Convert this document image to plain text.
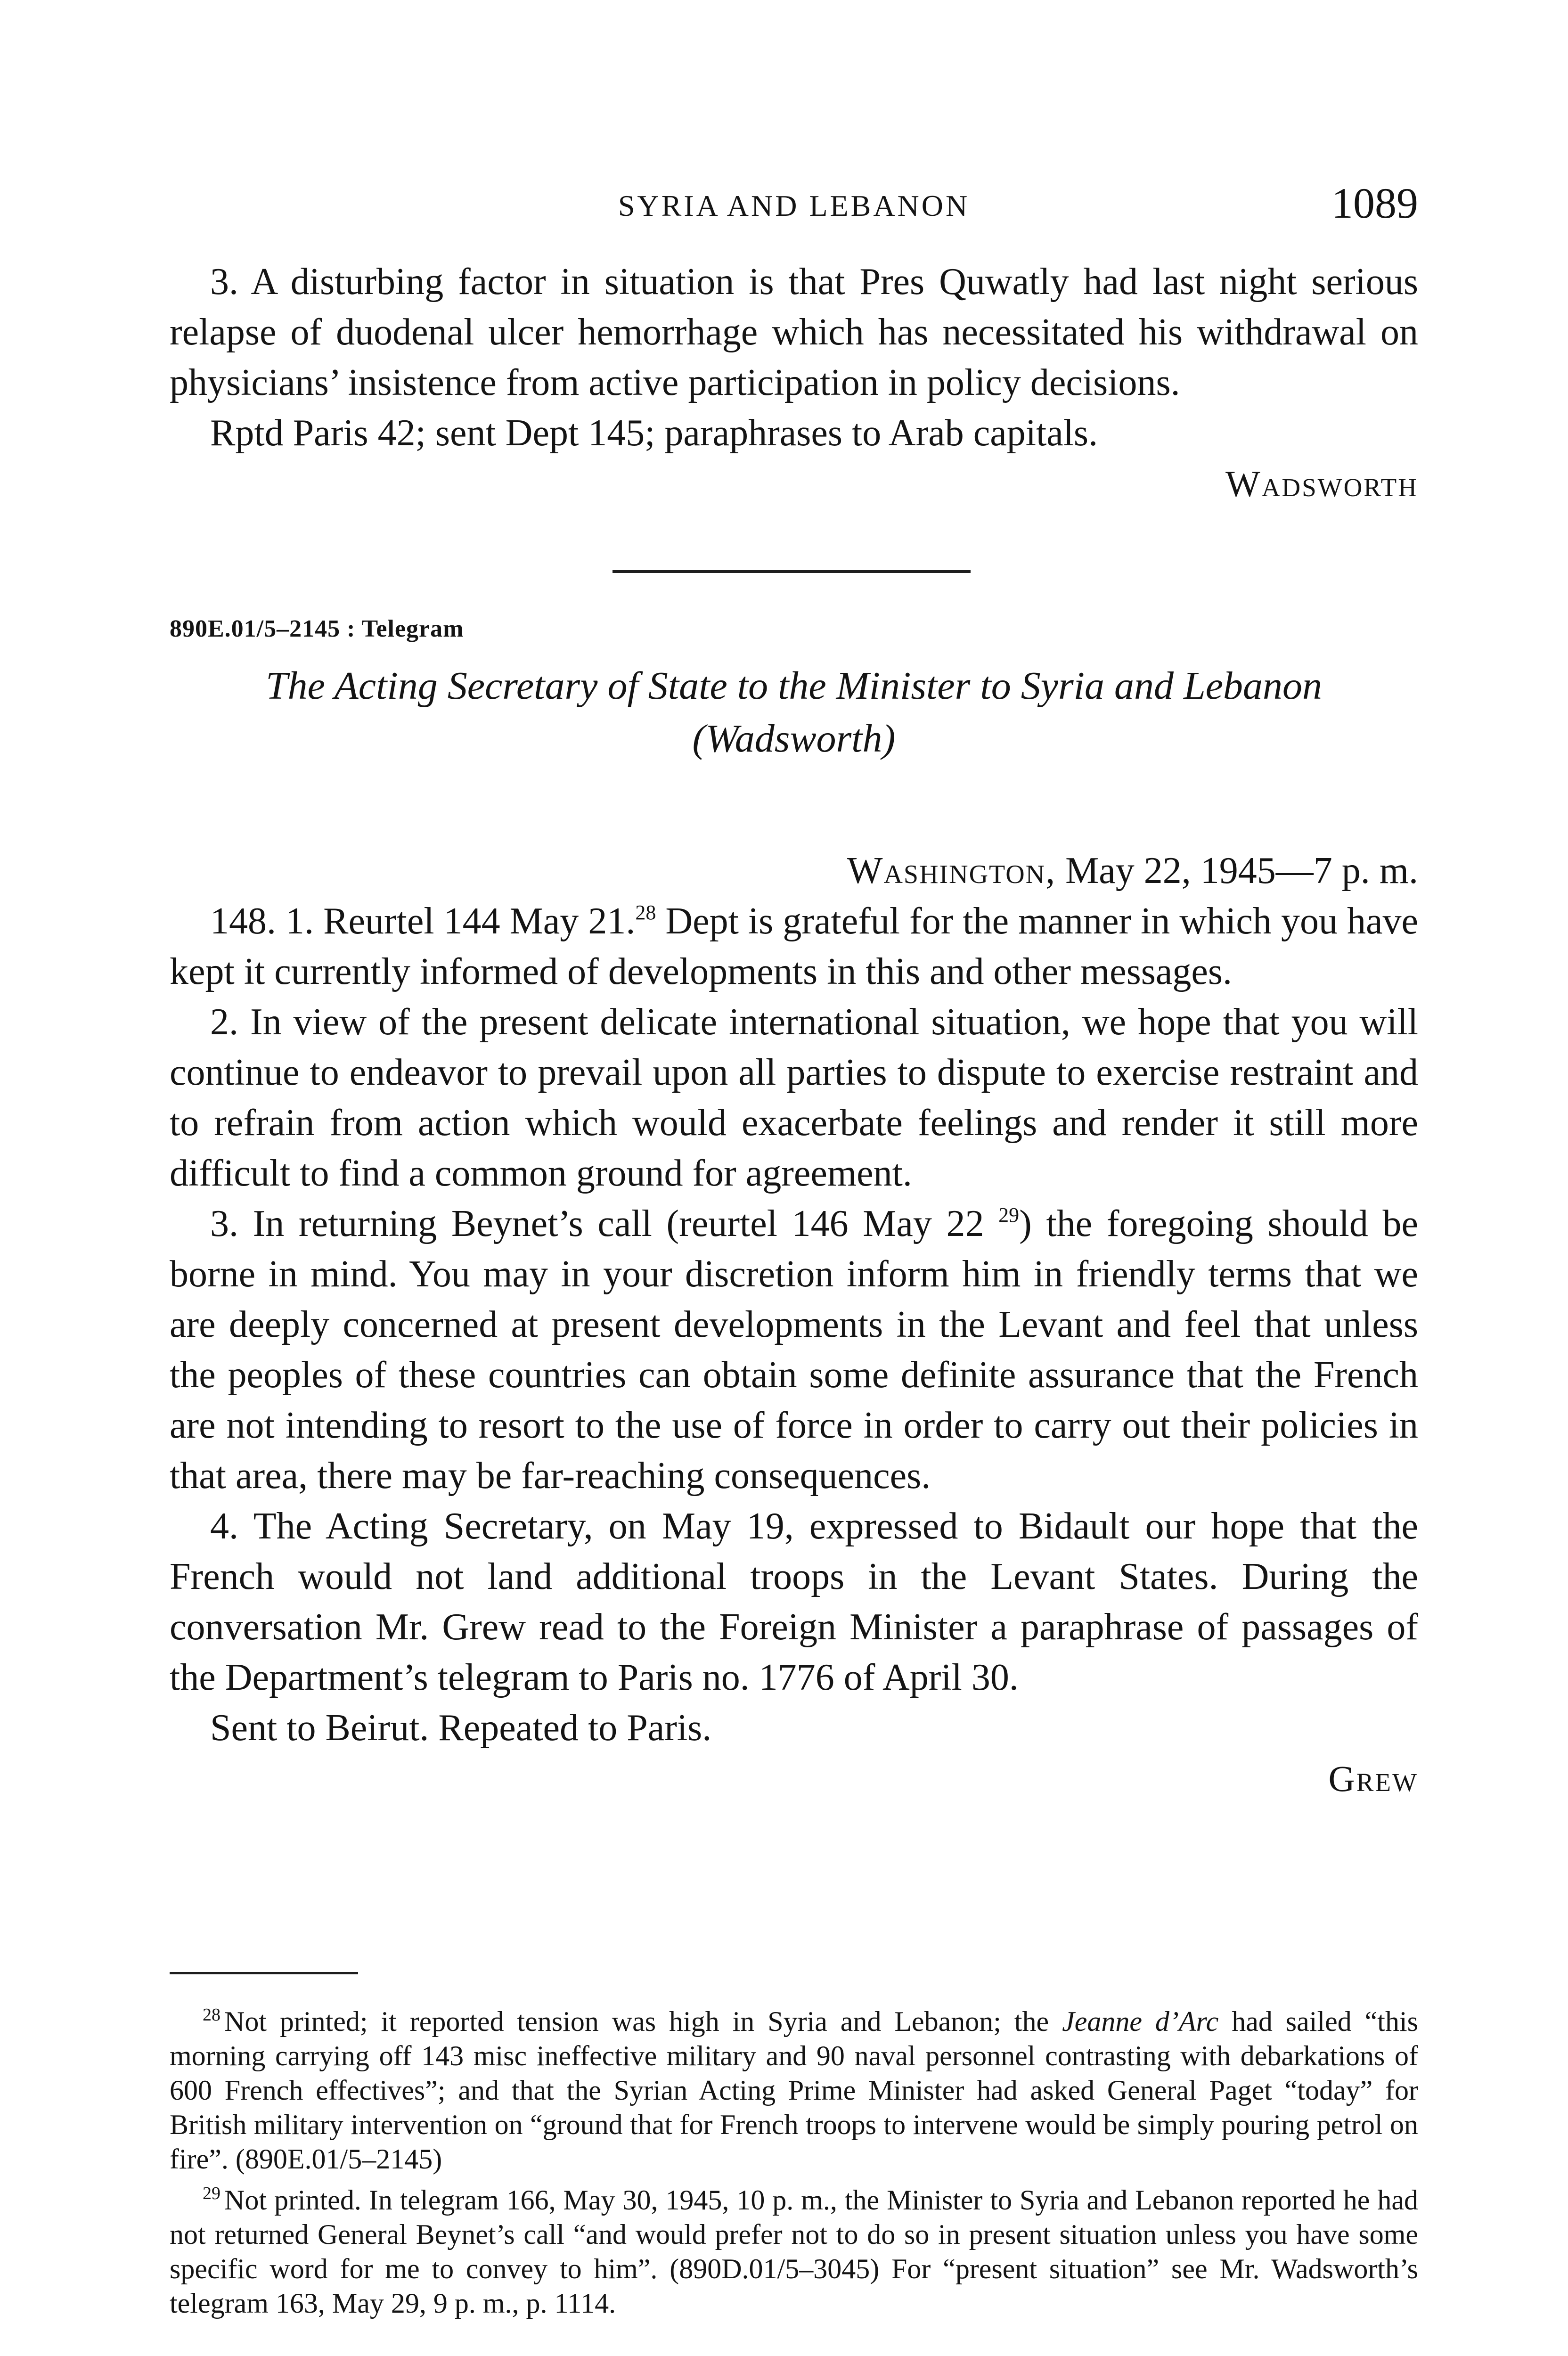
SYRIA AND LEBANON	1089

3. A disturbing factor in situation is that Pres Quwatly had last night serious relapse of duodenal ulcer hemorrhage which has necessitated his withdrawal on physicians’ insistence from active participation in policy decisions.

Rptd Paris 42; sent Dept 145; paraphrases to Arab capitals.

Wadsworth
890E.01/5–2145 : Telegram
The Acting Secretary of State to the Minister to Syria and Lebanon
(Wadsworth)
Washington, May 22, 1945—7 p. m.

148. 1. Reurtel 144 May 21.28 Dept is grateful for the manner in which you have kept it currently informed of developments in this and other messages.

2. In view of the present delicate international situation, we hope that you will continue to endeavor to prevail upon all parties to dispute to exercise restraint and to refrain from action which would exacerbate feelings and render it still more difficult to find a common ground for agreement.

3. In returning Beynet’s call (reurtel 146 May 22 $^{29}$) the foregoing should be borne in mind. You may in your discretion inform him in friendly terms that we are deeply concerned at present developments in the Levant and feel that unless the peoples of these countries can obtain some definite assurance that the French are not intending to resort to the use of force in order to carry out their policies in that area, there may be far-reaching consequences.

4. The Acting Secretary, on May 19, expressed to Bidault our hope that the French would not land additional troops in the Levant States. During the conversation Mr. Grew read to the Foreign Minister a paraphrase of passages of the Department’s telegram to Paris no. 1776 of April 30.

Sent to Beirut. Repeated to Paris.

Grew

$^{28}$ Not printed; it reported tension was high in Syria and Lebanon; the Jeanne d’Arc had sailed “this morning carrying off 143 misc ineffective military and 90 naval personnel contrasting with debarkations of 600 French effectives”; and that the Syrian Acting Prime Minister had asked General Paget “today” for British military intervention on “ground that for French troops to intervene would be simply pouring petrol on fire”. (890E.01/5–2145)

$^{29}$ Not printed. In telegram 166, May 30, 1945, 10 p. m., the Minister to Syria and Lebanon reported he had not returned General Beynet’s call “and would prefer not to do so in present situation unless you have some specific word for me to convey to him”. (890D.01/5–3045) For “present situation” see Mr. Wadsworth’s telegram 163, May 29, 9 p. m., p. 1114.
